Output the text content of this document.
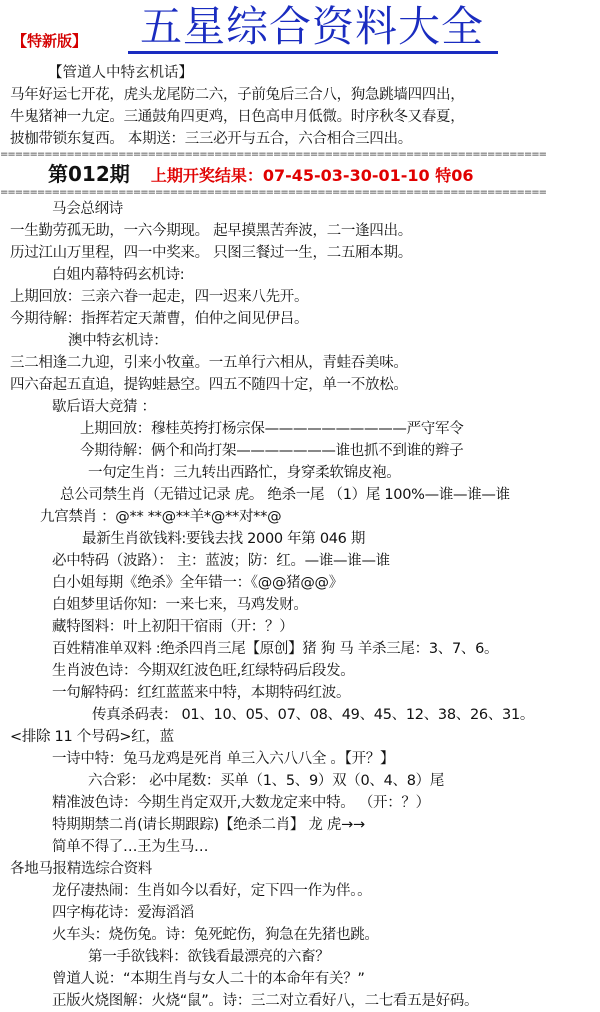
【特新版】 五星综合资料大全
【管道人中特玄机话】
马年好运七开花，虎头龙尾防二六，子前兔后三合八，狗急跳墙四四出，
牛鬼猪神一九定。三通鼓角四更鸡，日色高申月低微。时序秋冬又春夏，
披枷带锁东复西。 本期送：三三必开与五合，六合相合三四出。
==========================================================================
第012期 上期开奖结果：07-45-03-30-01-10 特06
==========================================================================
马会总纲诗
一生勤劳孤无助，一六今期现。 起早摸黑苦奔波，二一逢四出。
历过江山万里程，四一中奖来。 只图三餐过一生，二五厢本期。
白姐内幕特码玄机诗:
上期回放：三亲六眷一起走，四一迟来八先开。
今期待解：指挥若定天萧曹，伯仲之间见伊吕。
澳中特玄机诗：
三二相逢二九迎，引来小牧童。一五单行六相从，青蛙吞美味。
四六奋起五直追，提钩蛙悬空。四五不随四十定，单一不放松。
歇后语大竞猜 ：
上期回放：穆桂英挎打杨宗保——————————严守军令
今期待解：俩个和尚打架———————谁也抓不到谁的辫子
一句定生肖：三九转出西路忙，身穿柔软锦皮袍。
总公司禁生肖（无错过记录 虎。 绝杀一尾 （1）尾 100%—谁—谁—谁
九宫禁肖 ：@** **@**羊*@**对**@
最新生肖欲钱料:要钱去找 2000 年第 046 期
必中特码（波路）： 主：蓝波；防：红。—谁—谁—谁
白小姐每期《绝杀》全年错一：《@@猪@@》
白姐梦里话你知：一来七来，马鸡发财。
藏特图料：叶上初阳干宿雨（开：？）
百姓精准单双料 :绝杀四肖三尾【原创】猪 狗 马 羊杀三尾：3、7、6。
生肖波色诗：今期双红波色旺,红绿特码后段发。
一句解特码：红红蓝蓝来中特，本期特码红波。
传真杀码表： 01、10、05、07、08、49、45、12、38、26、31。
<排除 11 个号码>红，蓝
一诗中特：兔马龙鸡是死肖 单三入六八八全 。【开？】
六合彩： 必中尾数：买单（1、5、9）双（0、4、8）尾
精准波色诗：今期生肖定双开,大数龙定来中特。 （开：？）
特期期禁二肖(请长期跟踪)【绝杀二肖】 龙 虎→→
简单不得了…王为生马…
各地马报精选综合资料
龙仔凄热闹：生肖如今以看好，定下四一作为伴。。
四字梅花诗：爱海滔滔
火车头：烧伤兔。诗：兔死蛇伤，狗急在先猪也跳。
第一手欲钱料：欲钱看最漂亮的六畜？
曾道人说：“本期生肖与女人二十的本命年有关？”
正版火烧图解：火烧“鼠”。诗：三二对立看好八，二七看五是好码。
